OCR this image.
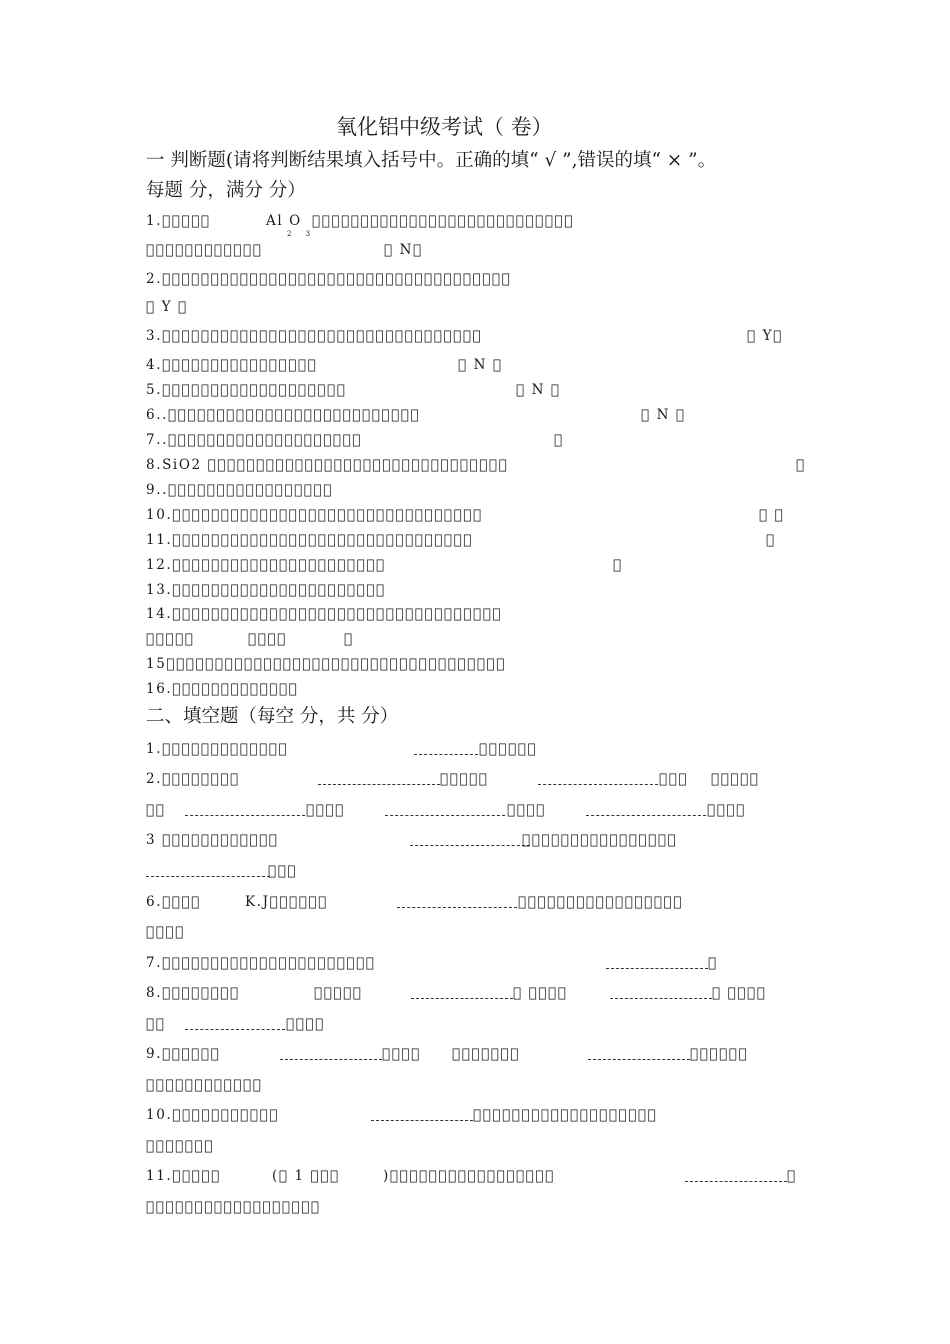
氧化铝中级考试（ 卷）
一 判断题(请将判断结果填入括号中。正确的填“ √ ”,错误的填“ × ”。
每题 分，满分 分）
1.￿￿￿￿￿	Al O
2 3
￿￿￿￿￿￿￿￿￿￿￿￿￿￿￿￿￿￿￿￿￿￿￿￿￿￿￿
￿￿￿￿￿￿￿￿￿￿￿￿	￿ N￿
2.￿￿￿￿￿￿￿￿￿￿￿￿￿￿￿￿￿￿￿￿￿￿￿￿￿￿￿￿￿￿￿￿￿￿￿￿
￿ Y ￿
3.￿￿￿￿￿￿￿￿￿￿￿￿￿￿￿￿￿￿￿￿￿￿￿￿￿￿￿￿￿￿￿￿￿	￿ Y￿
4.￿￿￿￿￿￿￿￿￿￿￿￿￿￿￿￿	￿ N ￿
5.￿￿￿￿￿￿￿￿￿￿￿￿￿￿￿￿￿￿￿	￿ N ￿
6..￿￿￿￿￿￿￿￿￿￿￿￿￿￿￿￿￿￿￿￿￿￿￿￿￿￿	￿ N ￿
7..￿￿￿￿￿￿￿￿￿￿￿￿￿￿￿￿￿￿￿￿	￿
8.SiO2 ￿￿￿￿￿￿￿￿￿￿￿￿￿￿￿￿￿￿￿￿￿￿￿￿￿￿￿￿￿￿￿	￿
9..￿￿￿￿￿￿￿￿￿￿￿￿￿￿￿￿￿
10.￿￿￿￿￿￿￿￿￿￿￿￿￿￿￿￿￿￿￿￿￿￿￿￿￿￿￿￿￿￿￿￿	￿ ￿
11.￿￿￿￿￿￿￿￿￿￿￿￿￿￿￿￿￿￿￿￿￿￿￿￿￿￿￿￿￿￿￿	￿
12.￿￿￿￿￿￿￿￿￿￿￿￿￿￿￿￿￿￿￿￿￿￿	￿
13.￿￿￿￿￿￿￿￿￿￿￿￿￿￿￿￿￿￿￿￿￿￿
14.￿￿￿￿￿￿￿￿￿￿￿￿￿￿￿￿￿￿￿￿￿￿￿￿￿￿￿￿￿￿￿￿￿￿
￿￿￿￿￿	￿￿￿￿	￿
15￿￿￿￿￿￿￿￿￿￿￿￿￿￿￿￿￿￿￿￿￿￿￿￿￿￿￿￿￿￿￿￿￿￿￿
16.￿￿￿￿￿￿￿￿￿￿￿￿￿
二、填空题（每空 分，共 分）
1.￿￿￿￿￿￿￿￿￿￿￿￿￿	￿￿￿￿￿￿
2.￿￿￿￿￿￿￿￿	￿￿￿￿￿	￿￿￿ ￿￿￿￿￿
￿￿	￿￿￿￿	￿￿￿￿	￿￿￿￿
3 ￿￿￿￿￿￿￿￿￿￿￿￿	￿￿￿￿￿￿￿￿￿￿￿￿￿￿￿￿
￿￿￿
6.￿￿￿￿	K.J￿￿￿￿￿￿	￿￿￿￿￿￿￿￿￿￿￿￿￿￿￿￿￿
￿￿￿￿
7.￿￿￿￿￿￿￿￿￿￿￿￿￿￿￿￿￿￿￿￿￿￿	￿
8.￿￿￿￿￿￿￿￿	￿￿￿￿￿	￿ ￿￿￿￿	￿ ￿￿￿￿
￿￿	￿￿￿￿
9.￿￿￿￿￿￿	￿￿￿￿ ￿￿￿￿￿￿￿	￿￿￿￿￿￿
￿￿￿￿￿￿￿￿￿￿￿￿
10.￿￿￿￿￿￿￿￿￿￿￿	￿￿￿￿￿￿￿￿￿￿￿￿￿￿￿￿￿￿￿
￿￿￿￿￿￿￿
11.￿￿￿￿￿	(￿ 1 ￿￿￿	)￿￿￿￿￿￿￿￿￿￿￿￿￿￿￿￿￿	￿
￿￿￿￿￿￿￿￿￿￿￿￿￿￿￿￿￿￿
